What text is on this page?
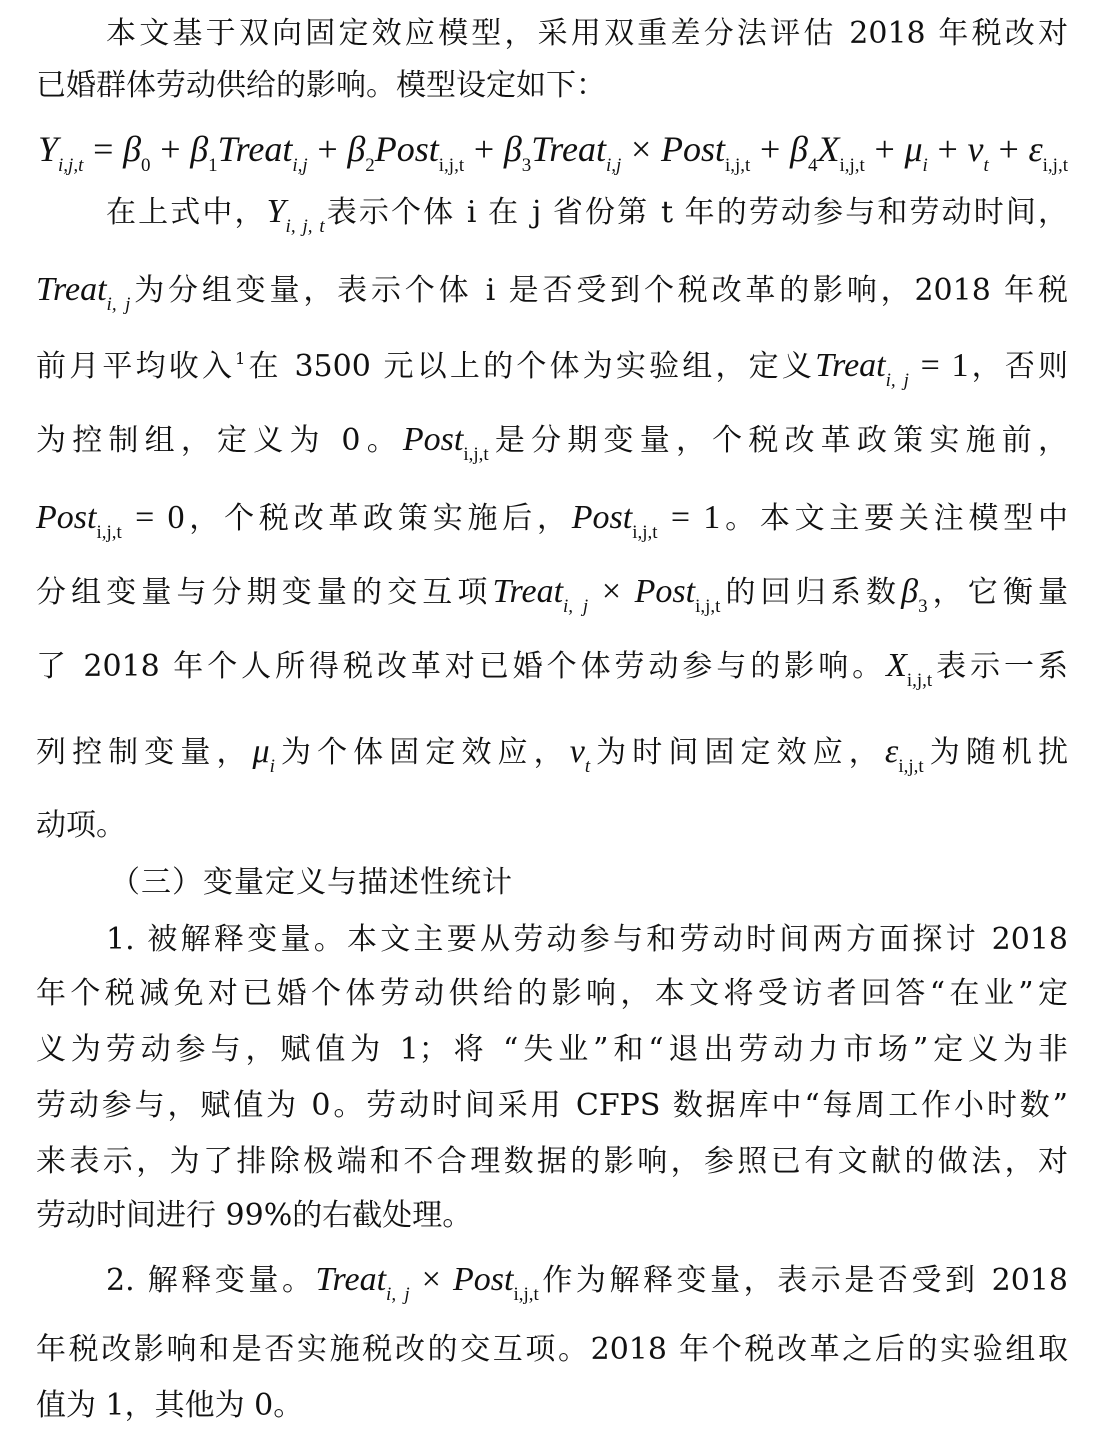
本文基于双向固定效应模型，采用双重差分法评估 2018 年税改对
已婚群体劳动供给的影响。模型设定如下：
$Y_{i,j,t} = \beta_0$ + $\beta_1Treat_{i,j}$ + $\beta_2Post_{i,j,t}$ + $\beta_3Treat_{i,j}$ × Post$_{i,j,t}$ + $\beta_4X_{i,j,t} + \mu_i + \nu_t + \varepsilon_{i,j,t}$
在上式中，$Y_{i, j, t}$表示个体 i 在 j 省份第 t 年的劳动参与和劳动时间，
Treat$_{i, j}$为分组变量，表示个体 i 是否受到个税改革的影响，2018 年税
前月平均收入$^1$在 3500 元以上的个体为实验组，定义Treat$_{i, j}$ = 1，否则
为控制组，定义为 0。Post$_{i,j,t}$是分期变量，个税改革政策实施前，
Post$_{i,j,t}$ = 0，个税改革政策实施后，Post$_{i,j,t}$ = 1。本文主要关注模型中
分组变量与分期变量的交互项Treat$_{i, j}$ × Post$_{i,j,t}$的回归系数$\beta_3$，它衡量
了 2018 年个人所得税改革对已婚个体劳动参与的影响。$X_{i,j,t}$表示一系
列控制变量，$\mu_i$为个体固定效应，$\nu_t$为时间固定效应，$\varepsilon_{i,j,t}$为随机扰
动项。
（三）变量定义与描述性统计
1. 被解释变量。本文主要从劳动参与和劳动时间两方面探讨 2018
年个税减免对已婚个体劳动供给的影响，本文将受访者回答“在业”定
义为劳动参与，赋值为 1；将 “失业”和“退出劳动力市场”定义为非
劳动参与，赋值为 0。劳动时间采用 CFPS 数据库中“每周工作小时数”
来表示，为了排除极端和不合理数据的影响，参照已有文献的做法，对
劳动时间进行 99%的右截处理。
2. 解释变量。Treat$_{i, j}$ × Post$_{i,j,t}$作为解释变量，表示是否受到 2018
年税改影响和是否实施税改的交互项。2018 年个税改革之后的实验组取
值为 1，其他为 0。
